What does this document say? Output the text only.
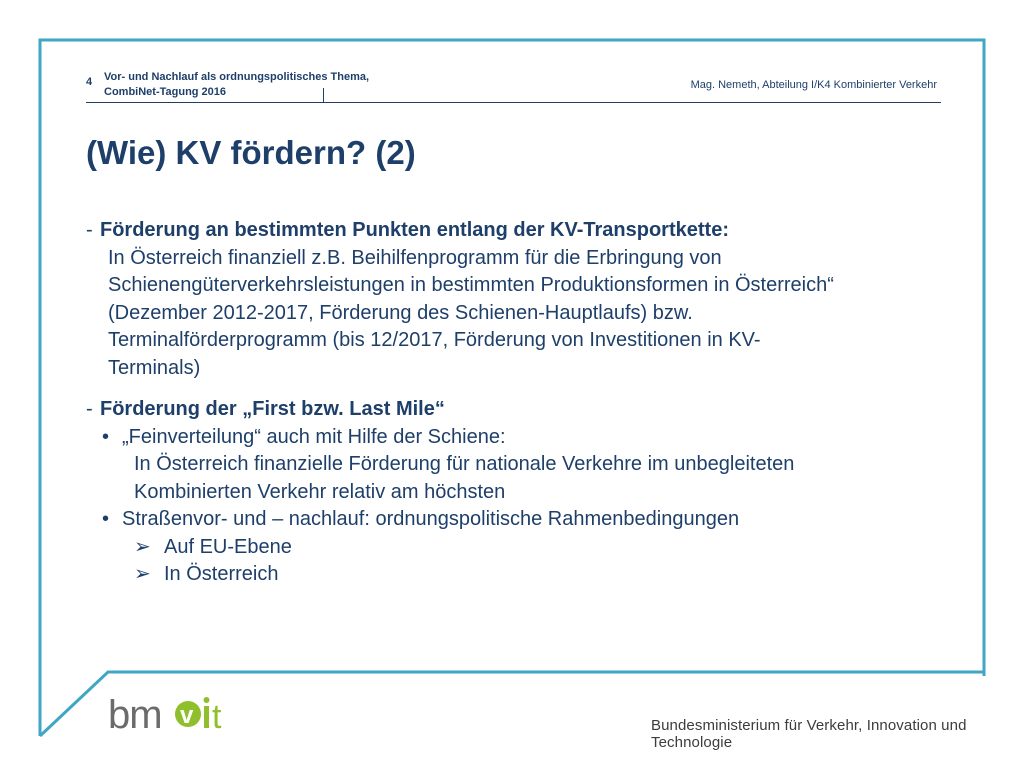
4 Vor- und Nachlauf als ordnungspolitisches Thema,
CombiNet-Tagung 2016
Mag. Nemeth, Abteilung I/K4 Kombinierter Verkehr
(Wie) KV fördern? (2)
- Förderung an bestimmten Punkten entlang der KV-Transportkette:
In Österreich finanziell z.B. Beihilfenprogramm für die Erbringung von
Schienengüterverkehrsleistungen in bestimmten Produktionsformen in Österreich“
(Dezember 2012-2017, Förderung des Schienen-Hauptlaufs) bzw.
Terminalförderprogramm (bis 12/2017, Förderung von Investitionen in KV-
Terminals)
- Förderung der „First bzw. Last Mile“
• „Feinverteilung“ auch mit Hilfe der Schiene:
In Österreich finanzielle Förderung für nationale Verkehre im unbegleiteten
Kombinierten Verkehr relativ am höchsten
• Straßenvor- und – nachlauf: ordnungspolitische Rahmenbedingungen
➢ Auf EU-Ebene
➢ In Österreich
bm v t	Bundesministerium für Verkehr, Innovation und Technologie
